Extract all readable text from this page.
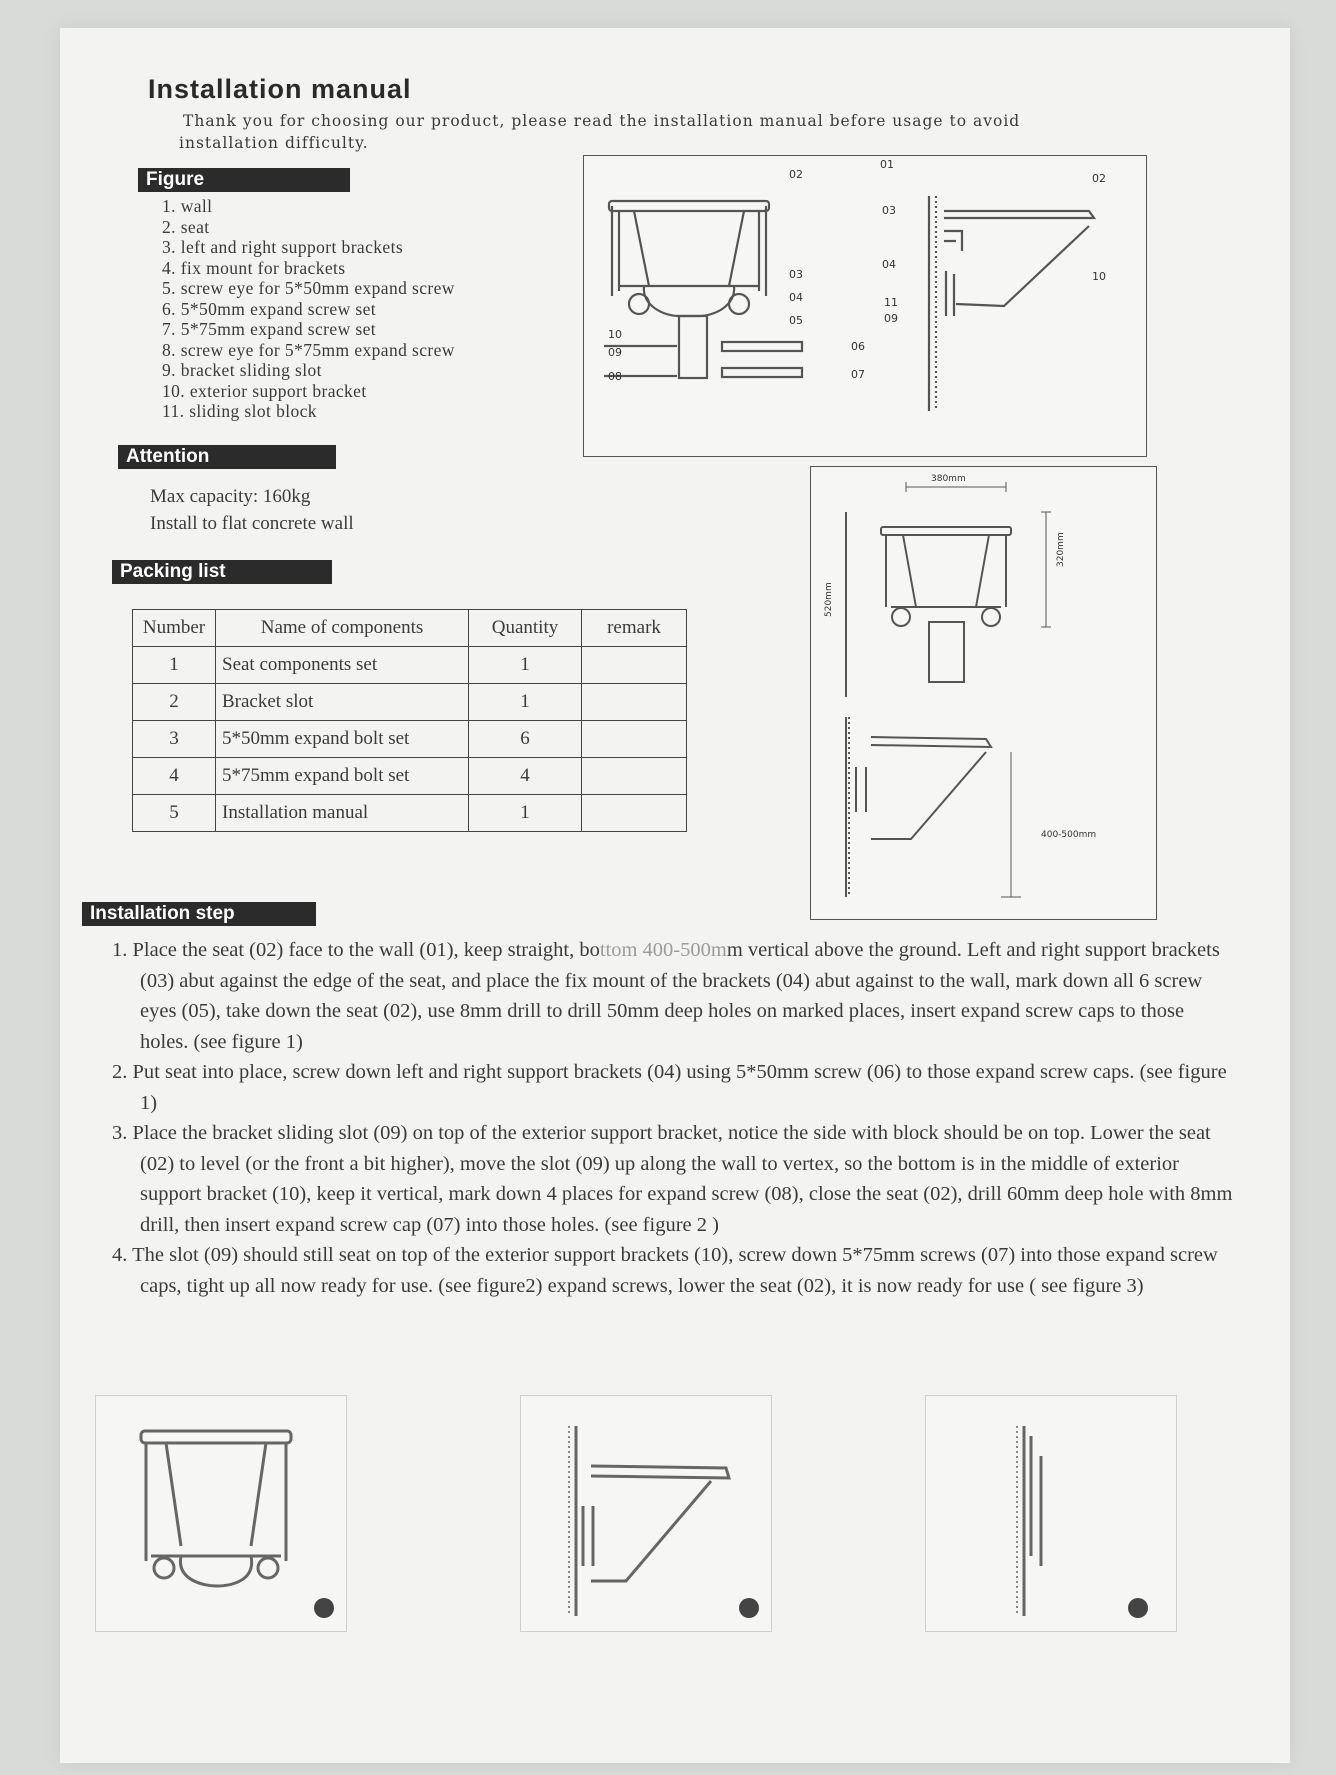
Installation manual
Thank you for choosing our product, please read the installation manual before usage to avoid
installation difficulty.
Figure
1. wall
2. seat
3. left and right support brackets
4. fix mount for brackets
5. screw eye for 5*50mm expand screw
6. 5*50mm expand screw set
7. 5*75mm expand screw set
8. screw eye for 5*75mm expand screw
9. bracket sliding slot
10. exterior support bracket
11. sliding slot block
Attention
Max capacity: 160kg
Install to flat concrete wall
Packing list
Number	Name of components	Quantity	remark
1	Seat components set	1	
2	Bracket slot	1	
3	5*50mm expand bolt set	6	
4	5*75mm expand bolt set	4	
5	Installation manual	1	
02
03
04
05
06
07
10
09
08
01
02
03
04
11
09
10
380mm
320mm
520mm
400-500mm
Installation step

1. Place the seat (02) face to the wall (01), keep straight, bottom 400-500mm vertical above the ground. Left and right support brackets (03) abut against the edge of the seat, and place the fix mount of the brackets (04) abut against to the wall, mark down all 6 screw eyes (05), take down the seat (02), use 8mm drill to drill 50mm deep holes on marked places, insert expand screw caps to those holes. (see figure 1)

2. Put seat into place, screw down left and right support brackets (04) using 5*50mm screw (06) to those expand screw caps. (see figure 1)

3. Place the bracket sliding slot (09) on top of the exterior support bracket, notice the side with block should be on top. Lower the seat (02) to level (or the front a bit higher), move the slot (09) up along the wall to vertex, so the bottom is in the middle of exterior support bracket (10), keep it vertical, mark down 4 places for expand screw (08), close the seat (02), drill 60mm deep hole with 8mm drill, then insert expand screw cap (07) into those holes. (see figure 2 )

4. The slot (09) should still seat on top of the exterior support brackets (10), screw down 5*75mm screws (07) into those expand screw caps, tight up all now ready for use. (see figure2) expand screws, lower the seat (02), it is now ready for use ( see figure 3)
